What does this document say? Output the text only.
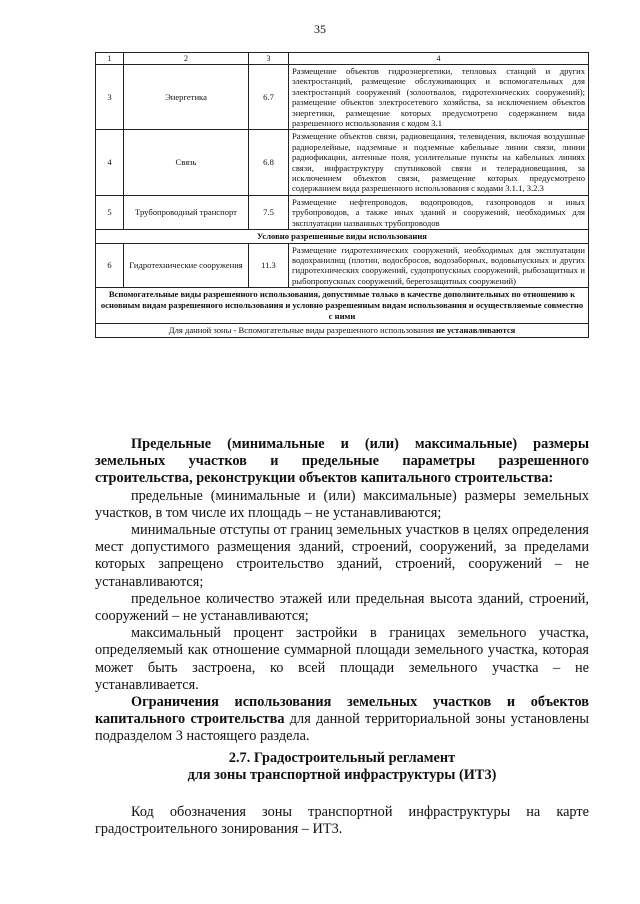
35
1	2	3	4
3	Энергетика	6.7	Размещение объектов гидроэнергетики, тепловых станций и других электростанций, размещение обслуживающих и вспомогательных для электростанций сооружений (золоотвалов, гидротехнических сооружений); размещение объектов электросетевого хозяйства, за исключением объектов энергетики, размещение которых предусмотрено содержанием вида разрешенного использования с кодом 3.1
4	Связь	6.8	Размещение объектов связи, радиовещания, телевидения, включая воздушные радиорелейные, надземные и подземные кабельные линии связи, линии радиофикации, антенные поля, усилительные пункты на кабельных линиях связи, инфраструктуру спутниковой связи и телерадиовещания, за исключением объектов связи, размещение которых предусмотрено содержанием вида разрешенного использования с кодами 3.1.1, 3.2.3
5	Трубопроводный транспорт	7.5	Размещение нефтепроводов, водопроводов, газопроводов и иных трубопроводов, а также иных зданий и сооружений, необходимых для эксплуатации названных трубопроводов
Условно разрешенные виды использования			
6	Гидротехнические сооружения	11.3	Размещение гидротехнических сооружений, необходимых для эксплуатации водохранилищ (плотин, водосбросов, водозаборных, водовыпускных и других гидротехнических сооружений, судопропускных сооружений, рыбозащитных и рыбопропускных сооружений, берегозащитных сооружений)
Вспомогательные виды разрешенного использования, допустимые только в качестве дополнительных по отношению к основным видам разрешенного использования и условно разрешенным видам использования и осуществляемые совместно с ними			
Для данной зоны - Вспомогательные виды разрешенного использования не устанавливаются			

Предельные (минимальные и (или) максимальные) размеры земельных участков и предельные параметры разрешенного строительства, реконструкции объектов капитального строительства:

предельные (минимальные и (или) максимальные) размеры земельных участков, в том числе их площадь – не устанавливаются;

минимальные отступы от границ земельных участков в целях определения мест допустимого размещения зданий, строений, сооружений, за пределами которых запрещено строительство зданий, строений, сооружений – не устанавливаются;

предельное количество этажей или предельная высота зданий, строений, сооружений – не устанавливаются;

максимальный процент застройки в границах земельного участка, определяемый как отношение суммарной площади земельного участка, которая может быть застроена, ко всей площади земельного участка – не устанавливается.

Ограничения использования земельных участков и объектов капитального строительства для данной территориальной зоны установлены подразделом 3 настоящего раздела.

2.7. Градостроительный регламент
для зоны транспортной инфраструктуры (ИТ3)

Код обозначения зоны транспортной инфраструктуры на карте градостроительного зонирования – ИТ3.
